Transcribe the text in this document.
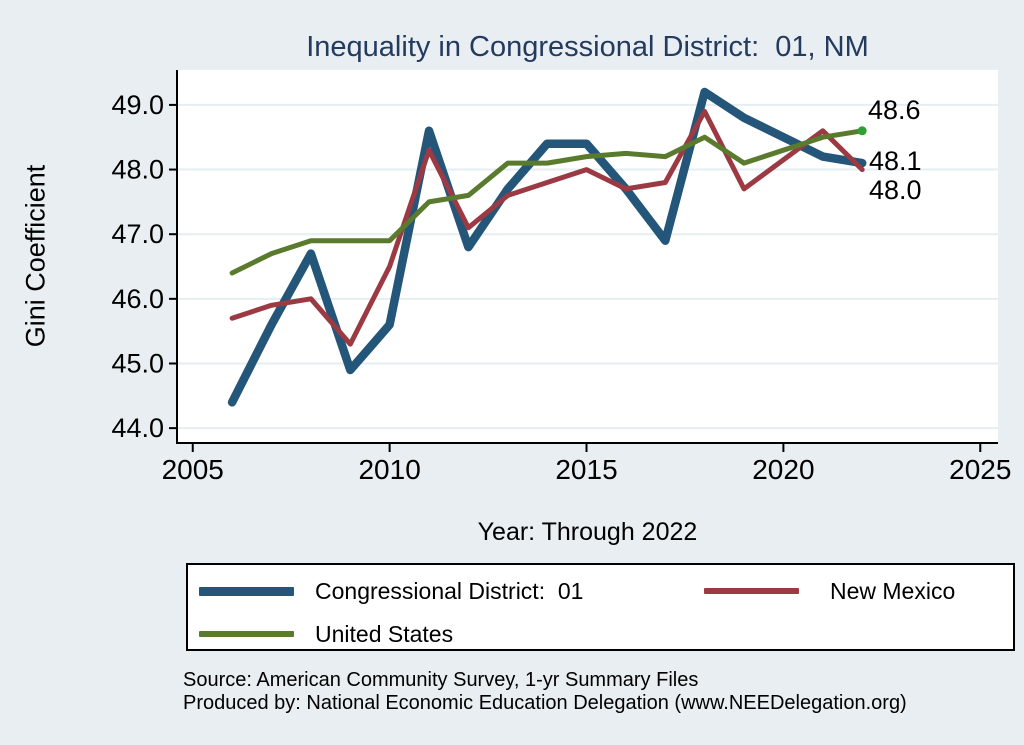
44.0
45.0
46.0
47.0
48.0
49.0
2005	2010	2015	2020	2025
48.6
48.1
48.0
Inequality in Congressional District:  01, NM
Gini Coefficient
Year: Through 2022
Congressional District:  01	New Mexico
United States
Source: American Community Survey, 1-yr Summary Files
Produced by: National Economic Education Delegation (www.NEEDelegation.org)
